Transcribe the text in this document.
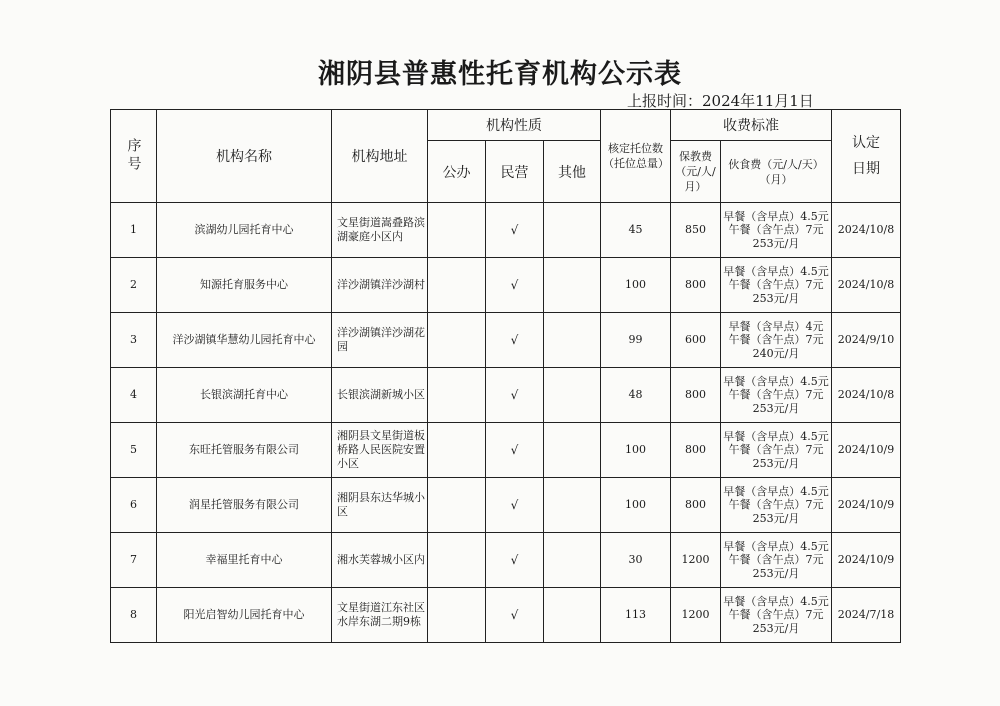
湘阴县普惠性托育机构公示表
上报时间：2024年11月1日
序号	机构名称	机构地址	机构性质			核定托位数（托位总量）	收费标准		认定日期
			公办	民营	其他		保教费（元/人/月）	伙食费（元/人/天）（月）	
1	滨湖幼儿园托育中心	文星街道嵩叠路滨湖豪庭小区内		√		45	850	早餐（含早点）4.5元
午餐（含午点）7元
253元/月	2024/10/8
2	知源托育服务中心	洋沙湖镇洋沙湖村		√		100	800	早餐（含早点）4.5元
午餐（含午点）7元
253元/月	2024/10/8
3	洋沙湖镇华慧幼儿园托育中心	洋沙湖镇洋沙湖花园		√		99	600	早餐（含早点）4元
午餐（含午点）7元
240元/月	2024/9/10
4	长银滨湖托育中心	长银滨湖新城小区		√		48	800	早餐（含早点）4.5元
午餐（含午点）7元
253元/月	2024/10/8
5	东旺托管服务有限公司	湘阴县文星街道板桥路人民医院安置小区		√		100	800	早餐（含早点）4.5元
午餐（含午点）7元
253元/月	2024/10/9
6	润星托管服务有限公司	湘阴县东达华城小区		√		100	800	早餐（含早点）4.5元
午餐（含午点）7元
253元/月	2024/10/9
7	幸福里托育中心	湘水芙蓉城小区内		√		30	1200	早餐（含早点）4.5元
午餐（含午点）7元
253元/月	2024/10/9
8	阳光启智幼儿园托育中心	文星街道江东社区水岸东湖二期9栋		√		113	1200	早餐（含早点）4.5元
午餐（含午点）7元
253元/月	2024/7/18
